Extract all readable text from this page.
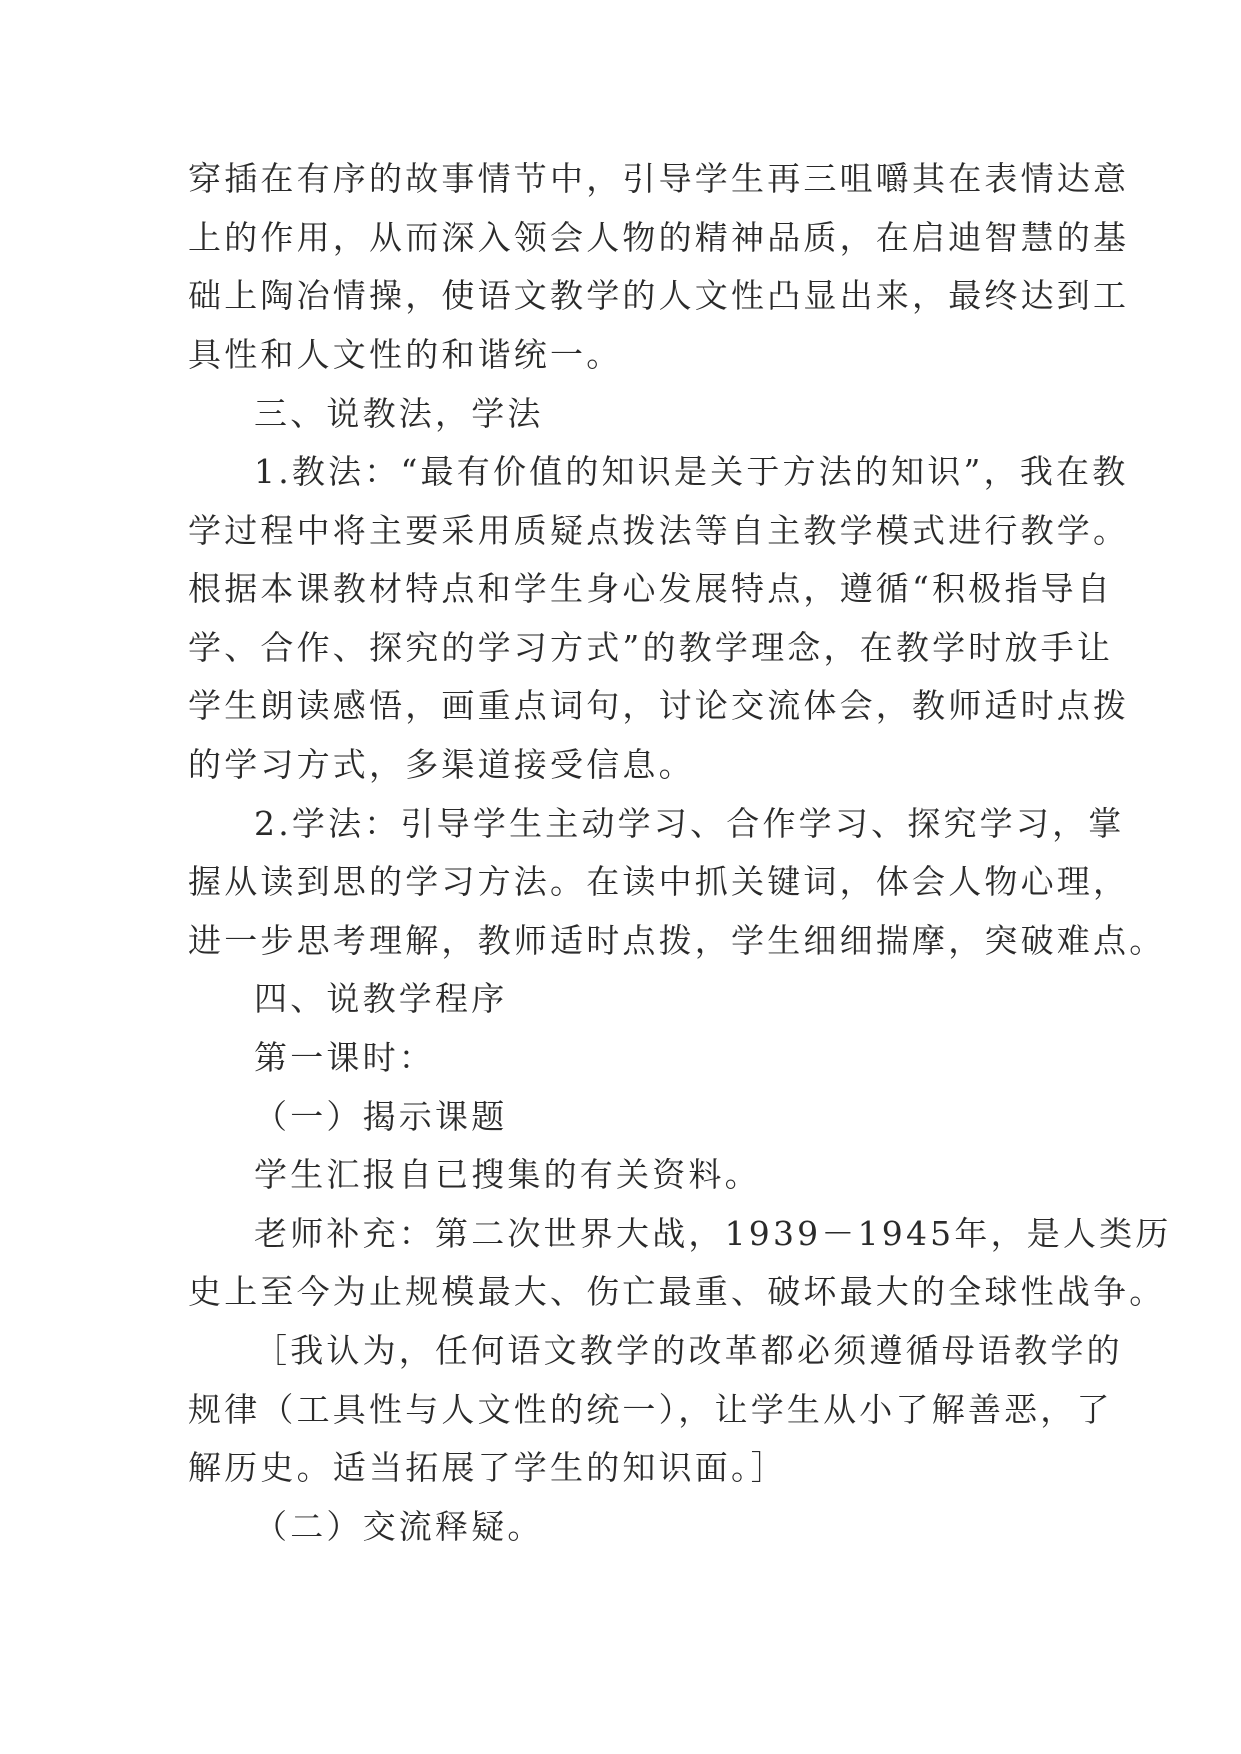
穿插在有序的故事情节中，引导学生再三咀嚼其在表情达意
上的作用，从而深入领会人物的精神品质，在启迪智慧的基
础上陶冶情操，使语文教学的人文性凸显出来，最终达到工
具性和人文性的和谐统一。
三、说教法，学法
1.教法：“最有价值的知识是关于方法的知识”，我在教
学过程中将主要采用质疑点拨法等自主教学模式进行教学。
根据本课教材特点和学生身心发展特点，遵循“积极指导自
学、合作、探究的学习方式”的教学理念，在教学时放手让
学生朗读感悟，画重点词句，讨论交流体会，教师适时点拨
的学习方式，多渠道接受信息。
2.学法：引导学生主动学习、合作学习、探究学习，掌
握从读到思的学习方法。在读中抓关键词，体会人物心理，
进一步思考理解，教师适时点拨，学生细细揣摩，突破难点。
四、说教学程序
第一课时：
（一）揭示课题
学生汇报自已搜集的有关资料。
老师补充：第二次世界大战，1939－1945年，是人类历
史上至今为止规模最大、伤亡最重、破坏最大的全球性战争。
［我认为，任何语文教学的改革都必须遵循母语教学的
规律（工具性与人文性的统一），让学生从小了解善恶，了
解历史。适当拓展了学生的知识面。］
（二）交流释疑。
